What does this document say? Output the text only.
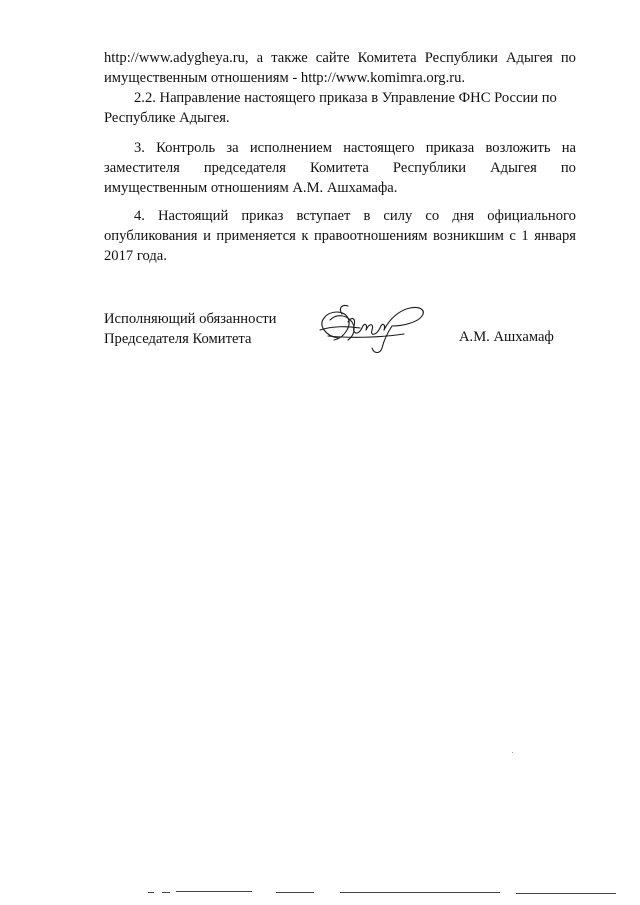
http://www.adygheya.ru, а также сайте Комитета Республики Адыгея по
имущественным отношениям - http://www.komimra.org.ru.
2.2. Направление настоящего приказа в Управление ФНС России по
Республике Адыгея.
3. Контроль за исполнением настоящего приказа возложить на
заместителя председателя Комитета Республики Адыгея по
имущественным отношениям А.М. Ашхамафа.
4. Настоящий приказ вступает в силу со дня официального
опубликования и применяется к правоотношениям возникшим с 1 января
2017 года.
Исполняющий обязанности
Председателя Комитета	А.М. Ашхамаф
